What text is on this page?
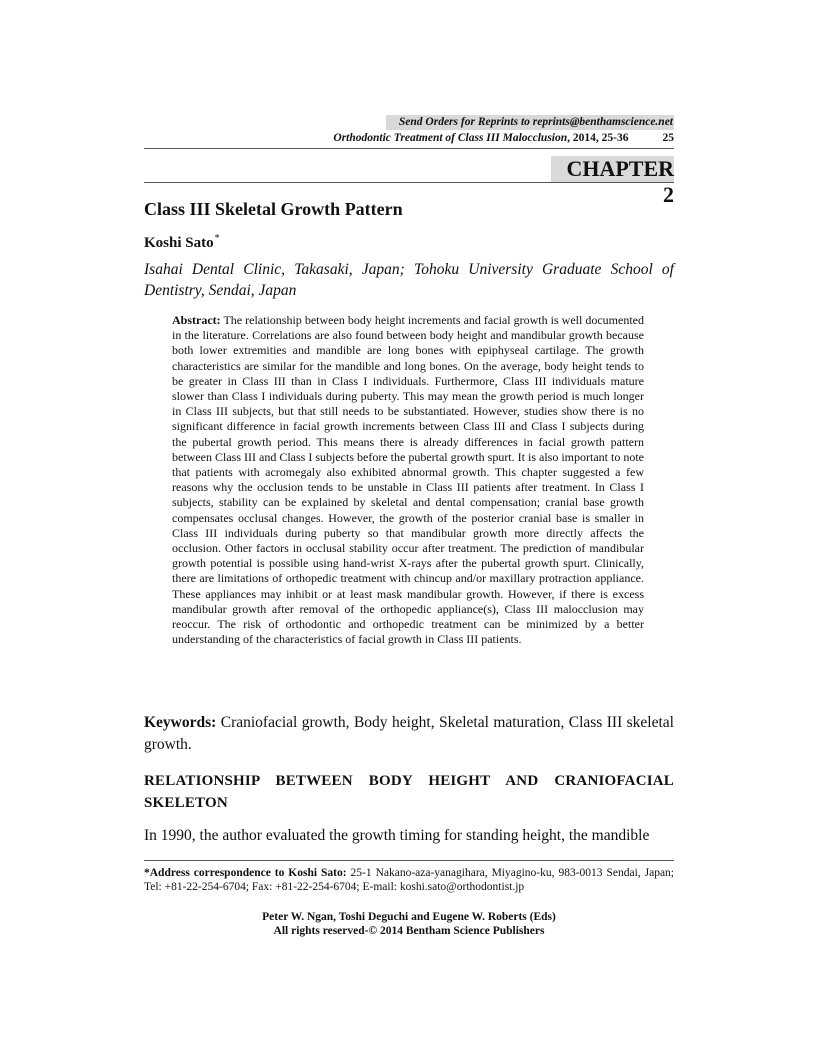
Send Orders for Reprints to reprints@benthamscience.net
Orthodontic Treatment of Class III Malocclusion, 2014, 25-36	25
CHAPTER 2
Class III Skeletal Growth Pattern
Koshi Sato*
Isahai Dental Clinic, Takasaki, Japan; Tohoku University Graduate School of Dentistry, Sendai, Japan
Abstract: The relationship between body height increments and facial growth is well documented in the literature. Correlations are also found between body height and mandibular growth because both lower extremities and mandible are long bones with epiphyseal cartilage. The growth characteristics are similar for the mandible and long bones. On the average, body height tends to be greater in Class III than in Class I individuals. Furthermore, Class III individuals mature slower than Class I individuals during puberty. This may mean the growth period is much longer in Class III subjects, but that still needs to be substantiated. However, studies show there is no significant difference in facial growth increments between Class III and Class I subjects during the pubertal growth period. This means there is already differences in facial growth pattern between Class III and Class I subjects before the pubertal growth spurt. It is also important to note that patients with acromegaly also exhibited abnormal growth. This chapter suggested a few reasons why the occlusion tends to be unstable in Class III patients after treatment. In Class I subjects, stability can be explained by skeletal and dental compensation; cranial base growth compensates occlusal changes. However, the growth of the posterior cranial base is smaller in Class III individuals during puberty so that mandibular growth more directly affects the occlusion. Other factors in occlusal stability occur after treatment. The prediction of mandibular growth potential is possible using hand-wrist X-rays after the pubertal growth spurt. Clinically, there are limitations of orthopedic treatment with chincup and/or maxillary protraction appliance. These appliances may inhibit or at least mask mandibular growth. However, if there is excess mandibular growth after removal of the orthopedic appliance(s), Class III malocclusion may reoccur. The risk of orthodontic and orthopedic treatment can be minimized by a better understanding of the characteristics of facial growth in Class III patients.
Keywords: Craniofacial growth, Body height, Skeletal maturation, Class III skeletal growth.
RELATIONSHIP BETWEEN BODY HEIGHT AND CRANIOFACIAL SKELETON
In 1990, the author evaluated the growth timing for standing height, the mandible
*Address correspondence to Koshi Sato: 25-1 Nakano-aza-yanagihara, Miyagino-ku, 983-0013 Sendai, Japan; Tel: +81-22-254-6704; Fax: +81-22-254-6704; E-mail: koshi.sato@orthodontist.jp
Peter W. Ngan, Toshi Deguchi and Eugene W. Roberts (Eds)
All rights reserved-© 2014 Bentham Science Publishers
